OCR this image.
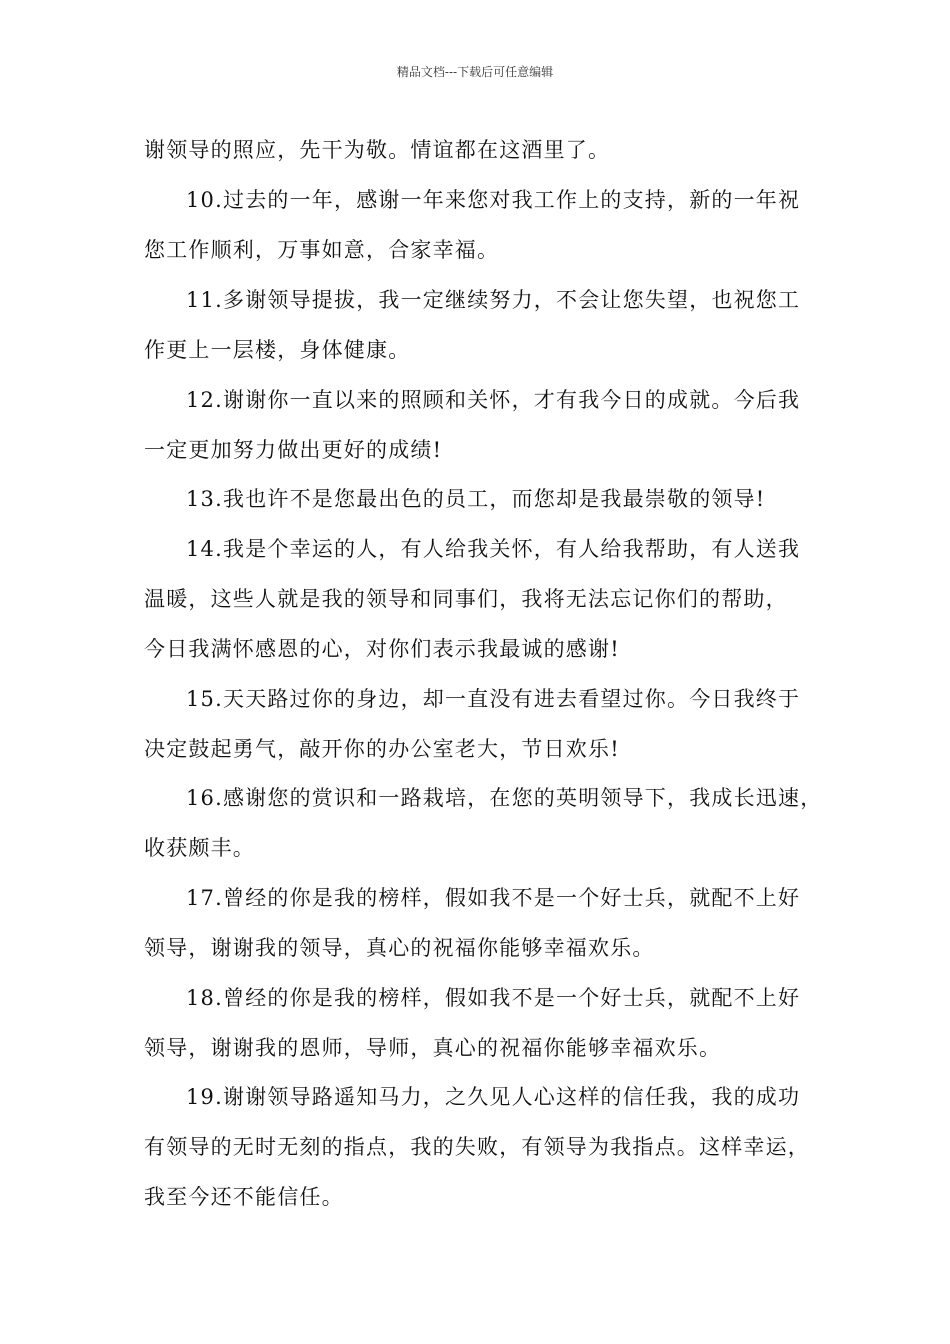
精品文档---下载后可任意编辑
谢领导的照应，先干为敬。情谊都在这酒里了。
10.过去的一年，感谢一年来您对我工作上的支持，新的一年祝
您工作顺利，万事如意，合家幸福。
11.多谢领导提拔，我一定继续努力，不会让您失望，也祝您工
作更上一层楼，身体健康。
12.谢谢你一直以来的照顾和关怀，才有我今日的成就。今后我
一定更加努力做出更好的成绩!
13.我也许不是您最出色的员工，而您却是我最崇敬的领导!
14.我是个幸运的人，有人给我关怀，有人给我帮助，有人送我
温暖，这些人就是我的领导和同事们，我将无法忘记你们的帮助，
今日我满怀感恩的心，对你们表示我最诚的感谢!
15.天天路过你的身边，却一直没有进去看望过你。今日我终于
决定鼓起勇气，敲开你的办公室老大，节日欢乐!
16.感谢您的赏识和一路栽培，在您的英明领导下，我成长迅速，
收获颇丰。
17.曾经的你是我的榜样，假如我不是一个好士兵，就配不上好
领导，谢谢我的领导，真心的祝福你能够幸福欢乐。
18.曾经的你是我的榜样，假如我不是一个好士兵，就配不上好
领导，谢谢我的恩师，导师，真心的祝福你能够幸福欢乐。
19.谢谢领导路遥知马力，之久见人心这样的信任我，我的成功
有领导的无时无刻的指点，我的失败，有领导为我指点。这样幸运，
我至今还不能信任。
